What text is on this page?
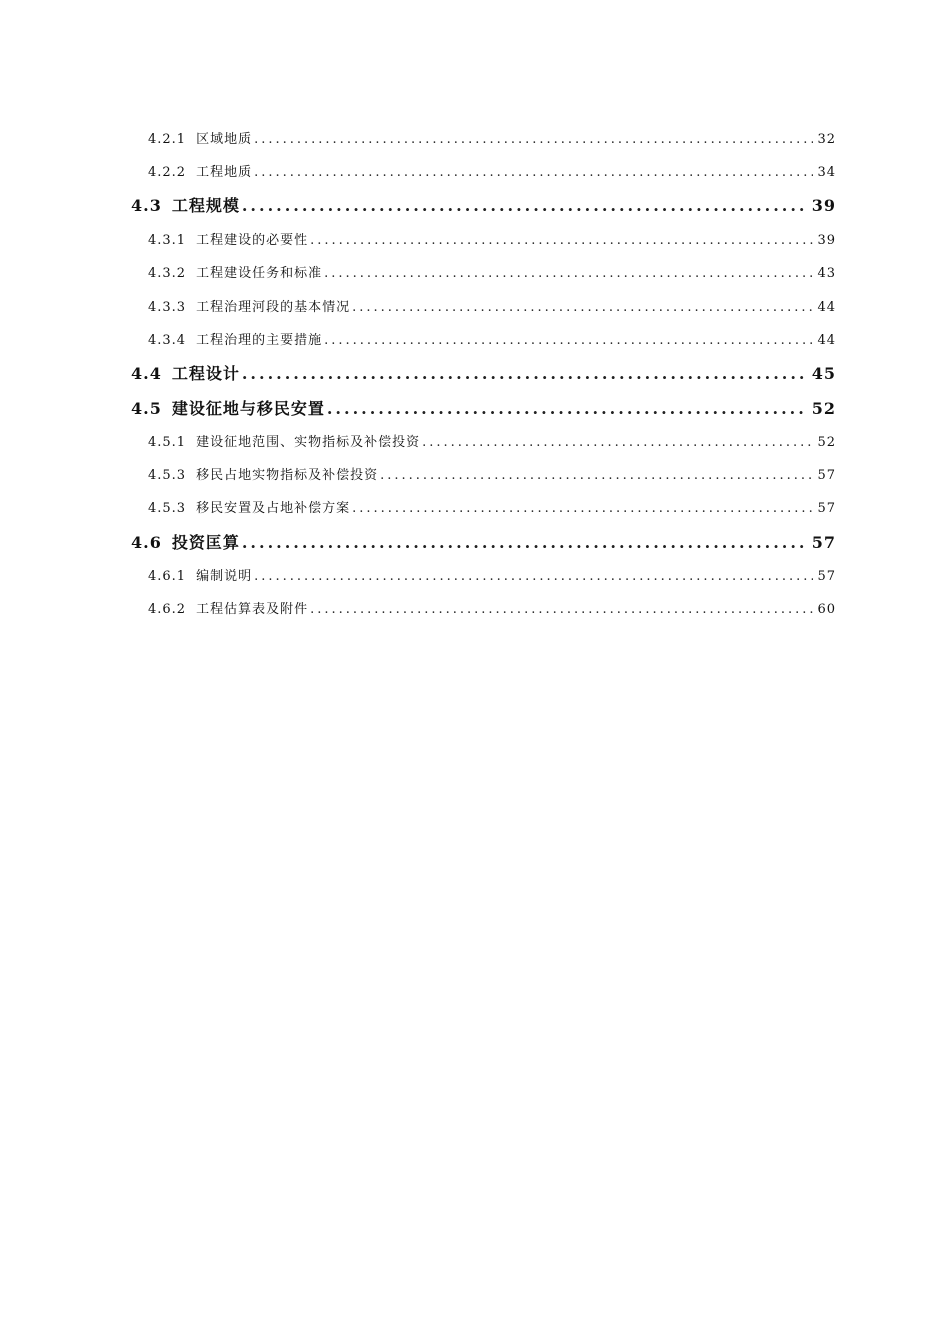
4.2.1 区域地质 .....	32
4.2.2 工程地质 .....	34
4.3 工程规模 .....	39
4.3.1 工程建设的必要性 .....	39
4.3.2 工程建设任务和标准 .....	43
4.3.3 工程治理河段的基本情况 .....	44
4.3.4 工程治理的主要措施 .....	44
4.4 工程设计 .....	45
4.5 建设征地与移民安置 .....	52
4.5.1 建设征地范围、实物指标及补偿投资 .....	52
4.5.3 移民占地实物指标及补偿投资 .....	57
4.5.3 移民安置及占地补偿方案 .....	57
4.6 投资匡算 .....	57
4.6.1 编制说明 .....	57
4.6.2 工程估算表及附件 .....	60
